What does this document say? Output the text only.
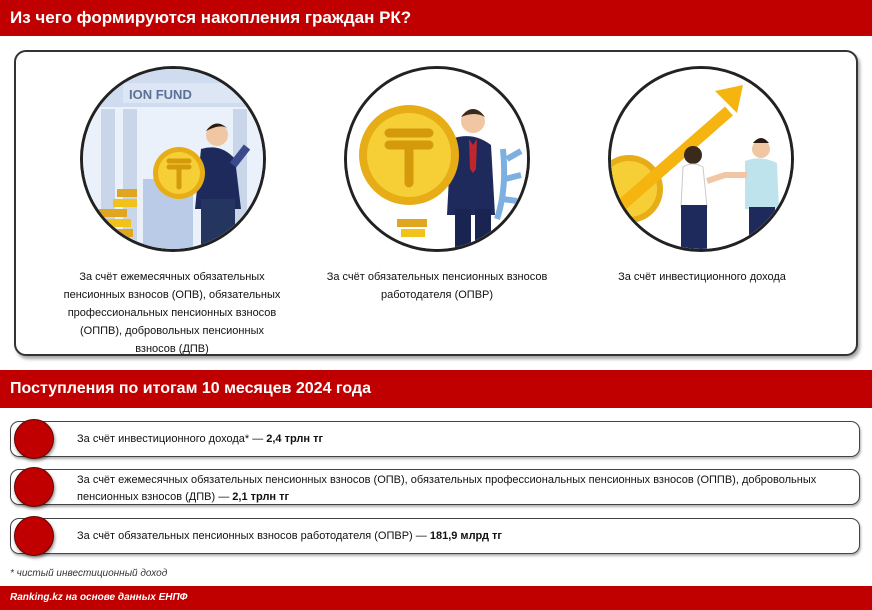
Из чего формируются накопления граждан РК?
ION FUND
За счёт ежемесячных обязательных пенсионных взносов (ОПВ), обязательных профессиональных пенсионных взносов (ОППВ), добровольных пенсионных взносов (ДПВ)
За счёт обязательных пенсионных взносов работодателя (ОПВР)
За счёт инвестиционного дохода
Поступления по итогам 10 месяцев 2024 года
За счёт инвестиционного дохода* — 2,4 трлн тг
За счёт ежемесячных обязательных пенсионных взносов (ОПВ), обязательных профессиональных пенсионных взносов (ОППВ), добровольных пенсионных взносов (ДПВ) — 2,1 трлн тг
За счёт обязательных пенсионных взносов работодателя (ОПВР) — 181,9 млрд тг
* чистый инвестиционный доход
Ranking.kz на основе данных ЕНПФ
